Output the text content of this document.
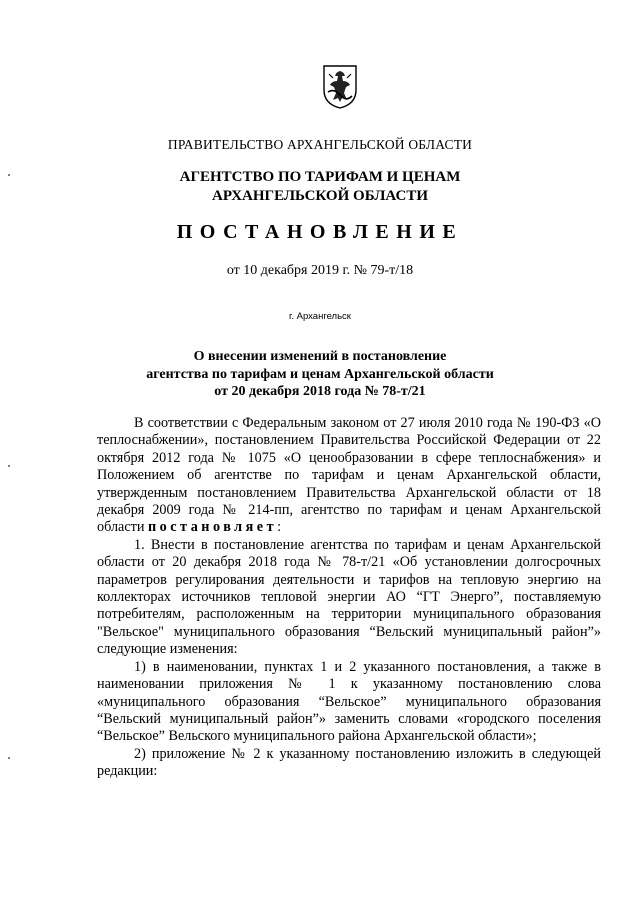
ПРАВИТЕЛЬСТВО АРХАНГЕЛЬСКОЙ ОБЛАСТИ
АГЕНТСТВО ПО ТАРИФАМ И ЦЕНАМ
АРХАНГЕЛЬСКОЙ ОБЛАСТИ
ПОСТАНОВЛЕНИЕ
от 10 декабря 2019 г. № 79-т/18
г. Архангельск
О внесении изменений в постановление
агентства по тарифам и ценам Архангельской области
от 20 декабря 2018 года № 78-т/21

В соответствии с Федеральным законом от 27 июля 2010 года № 190-ФЗ «О теплоснабжении», постановлением Правительства Российской Федерации от 22 октября 2012 года № 1075 «О ценообразовании в сфере теплоснабжения» и Положением об агентстве по тарифам и ценам Архангельской области, утвержденным постановлением Правительства Архангельской области от 18 декабря 2009 года № 214-пп, агентство по тарифам и ценам Архангельской области постановляет:

1. Внести в постановление агентства по тарифам и ценам Архангельской области от 20 декабря 2018 года № 78-т/21 «Об установлении долгосрочных параметров регулирования деятельности и тарифов на тепловую энергию на коллекторах источников тепловой энергии АО “ГТ Энерго”, поставляемую потребителям, расположенным на территории муниципального образования "Вельское" муниципального образования “Вельский муниципальный район”» следующие изменения:

1) в наименовании, пунктах 1 и 2 указанного постановления, а также в наименовании приложения № 1 к указанному постановлению слова «муниципального образования “Вельское” муниципального образования “Вельский муниципальный район”» заменить словами «городского поселения “Вельское” Вельского муниципального района Архангельской области»;

2) приложение № 2 к указанному постановлению изложить в следующей редакции:
